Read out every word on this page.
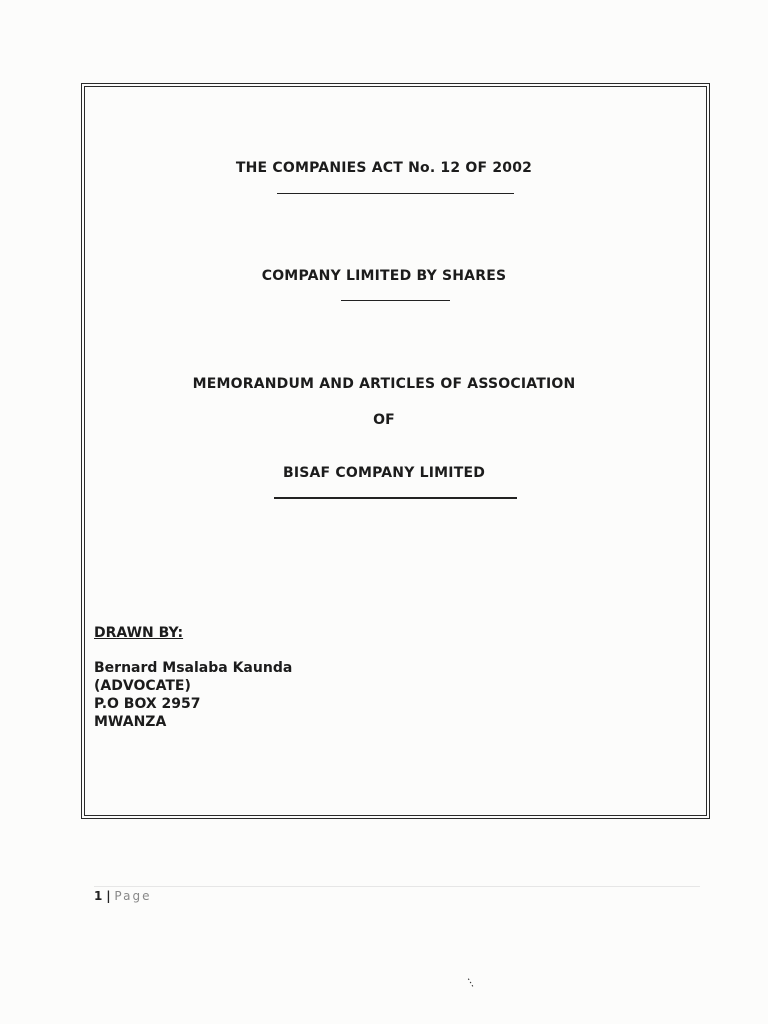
THE COMPANIES ACT No. 12 OF 2002

COMPANY LIMITED BY SHARES

MEMORANDUM AND ARTICLES OF ASSOCIATION

OF

BISAF COMPANY LIMITED

DRAWN BY:

Bernard Msalaba Kaunda
(ADVOCATE)
P.O BOX 2957
MWANZA

1 | Page

⋮
